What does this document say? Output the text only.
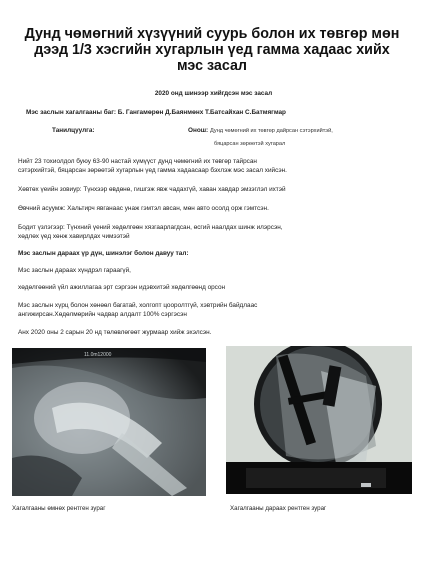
Дунд чөмөгний хүзүүний суурь болон их төвгөр мөн дээд 1/3 хэсгийн хугарлын үед гамма хадаас хийх мэс засал
2020 онд шинээр хийгдсэн мэс засал
Мэс заслын хагалгааны баг: Б. Гангамөрөн Д.Баянмөнх Т.Батсайхан С.Батмягмар
Танилцуулга:	Онош: Дунд чөмөгний их төвгөр дайрсан сэтэрхийтэй,
бяцарсан зөрөөтэй хугарал
Нийт 23 тохиолдол буюу 63-90 настай хүмүүст дунд чөмөгний их төвгөр тайрсан
сэтэрхийтэй, бяцарсан зөрөөтэй хугарлын үед гамма хадаасаар бэхлэж мэс засал хийсэн.
Хөвтөх үеийн зовиур: Түнхээр өвдөнө, гишгэж явж чадахгүй, хаван хавдар эмзэглэл ихтэй
Өвчний асуумж: Хальтирч явганаас унаж гэмтэл авсан, мөн авто осолд орж гэмтсэн.
Бодит үзлэгээр: Түнхний үений хөдөлгөөн хязгаарлагдсан, өсгий наалдах шинж илэрсэн,
хөдлөх үед хөнж хавирлдах чимээтэй
Мэс заслын дараах үр дүн, шинэлэг болон давуу тал:
Мэс заслын дараах хүндрэл гараагүй,
хөдөлгөөний үйл ажиллагаа эрт сэргээн идэвхитэй хөдөлгөөнд орсон
Мэс заслын хүрц болон хөнөөл багатай, холгопт цооролтгүй, хэвтрийн байдлаас
ангижирсан.Хөдөлмөрийн чадвар алдалт 100% сэргэсэн
Анх 2020 оны 2 сарын 20 нд төлөвлөгөөт журмаар хийж эхэлсэн.
11.0m12000
Хагалгааны өмнөх рентген зураг	Хагалгааны дараах рентген зураг
